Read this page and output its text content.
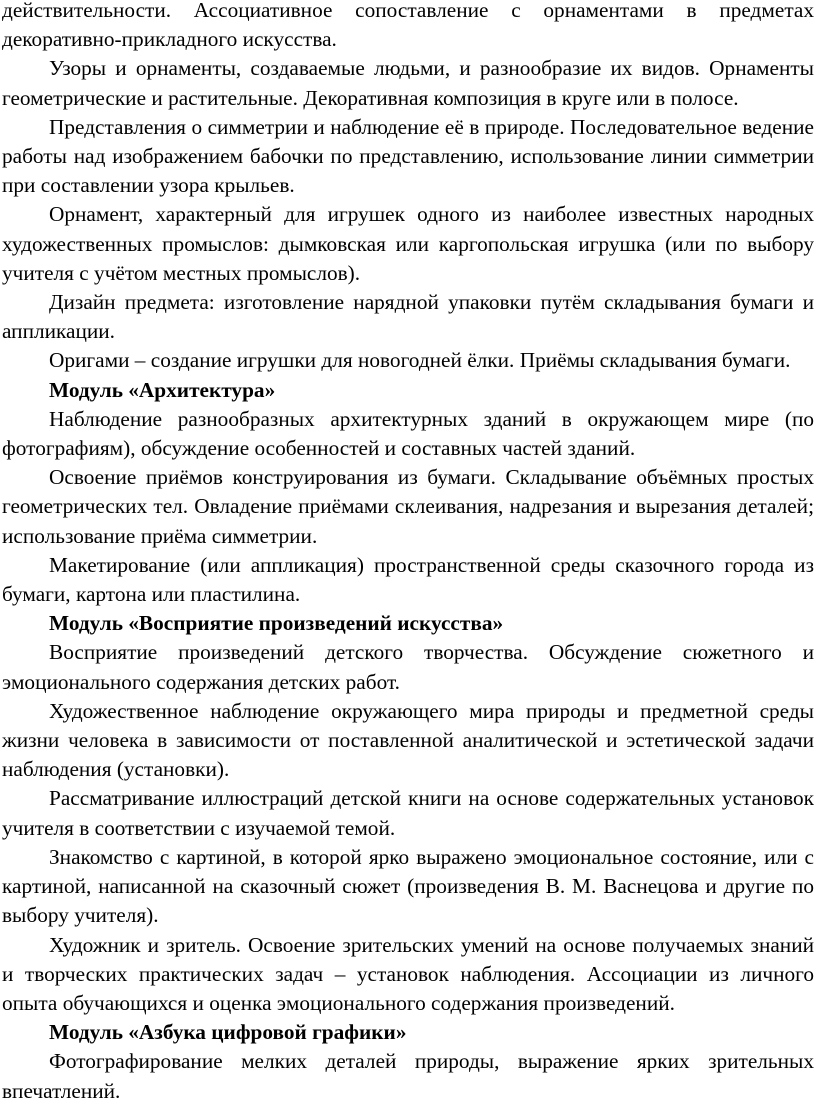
действительности. Ассоциативное сопоставление с орнаментами в предметах декоративно-прикладного искусства.

Узоры и орнаменты, создаваемые людьми, и разнообразие их видов. Орнаменты геометрические и растительные. Декоративная композиция в круге или в полосе.

Представления о симметрии и наблюдение её в природе. Последовательное ведение работы над изображением бабочки по представлению, использование линии симметрии при составлении узора крыльев.

Орнамент, характерный для игрушек одного из наиболее известных народных художественных промыслов: дымковская или каргопольская игрушка (или по выбору учителя с учётом местных промыслов).

Дизайн предмета: изготовление нарядной упаковки путём складывания бумаги и аппликации.

Оригами – создание игрушки для новогодней ёлки. Приёмы складывания бумаги.

Модуль «Архитектура»

Наблюдение разнообразных архитектурных зданий в окружающем мире (по фотографиям), обсуждение особенностей и составных частей зданий.

Освоение приёмов конструирования из бумаги. Складывание объёмных простых геометрических тел. Овладение приёмами склеивания, надрезания и вырезания деталей; использование приёма симметрии.

Макетирование (или аппликация) пространственной среды сказочного города из бумаги, картона или пластилина.

Модуль «Восприятие произведений искусства»

Восприятие произведений детского творчества. Обсуждение сюжетного и эмоционального содержания детских работ.

Художественное наблюдение окружающего мира природы и предметной среды жизни человека в зависимости от поставленной аналитической и эстетической задачи наблюдения (установки).

Рассматривание иллюстраций детской книги на основе содержательных установок учителя в соответствии с изучаемой темой.

Знакомство с картиной, в которой ярко выражено эмоциональное состояние, или с картиной, написанной на сказочный сюжет (произведения В. М. Васнецова и другие по выбору учителя).

Художник и зритель. Освоение зрительских умений на основе получаемых знаний и творческих практических задач – установок наблюдения. Ассоциации из личного опыта обучающихся и оценка эмоционального содержания произведений.

Модуль «Азбука цифровой графики»

Фотографирование мелких деталей природы, выражение ярких зрительных впечатлений.
